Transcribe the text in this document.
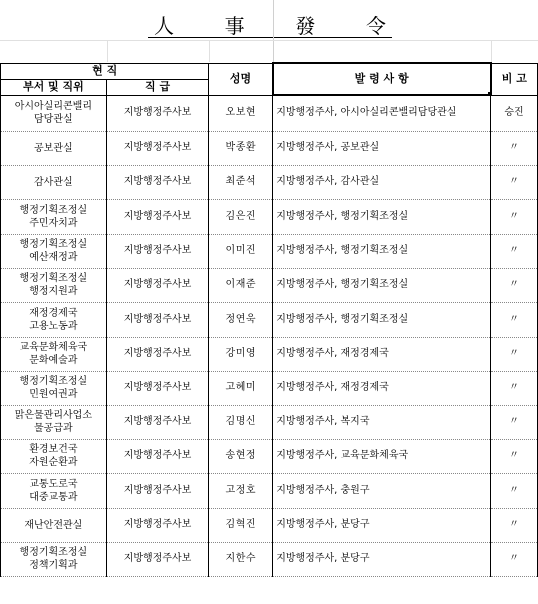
人	事	發	令
현 직		성명	발 령 사 항	비 고
부서 및 직위	직 급			
아시아실리콘밸리
담당관실	지방행정주사보	오보현	지방행정주사, 아시아실리콘밸리담당관실	승진
공보관실	지방행정주사보	박종환	지방행정주사, 공보관실	〃
감사관실	지방행정주사보	최준석	지방행정주사, 감사관실	〃
행정기획조정실
주민자치과	지방행정주사보	김은진	지방행정주사, 행정기획조정실	〃
행정기획조정실
예산재정과	지방행정주사보	이미진	지방행정주사, 행정기획조정실	〃
행정기획조정실
행정지원과	지방행정주사보	이재준	지방행정주사, 행정기획조정실	〃
재정경제국
고용노동과	지방행정주사보	정연욱	지방행정주사, 행정기획조정실	〃
교육문화체육국
문화예술과	지방행정주사보	강미영	지방행정주사, 재정경제국	〃
행정기획조정실
민원여권과	지방행정주사보	고혜미	지방행정주사, 재정경제국	〃
맑은물관리사업소
물공급과	지방행정주사보	김명신	지방행정주사, 복지국	〃
환경보건국
자원순환과	지방행정주사보	송현정	지방행정주사, 교육문화체육국	〃
교통도로국
대중교통과	지방행정주사보	고정호	지방행정주사, 충원구	〃
재난안전관실	지방행정주사보	김혁진	지방행정주사, 분당구	〃
행정기획조정실
정책기획과	지방행정주사보	지한수	지방행정주사, 분당구	〃
